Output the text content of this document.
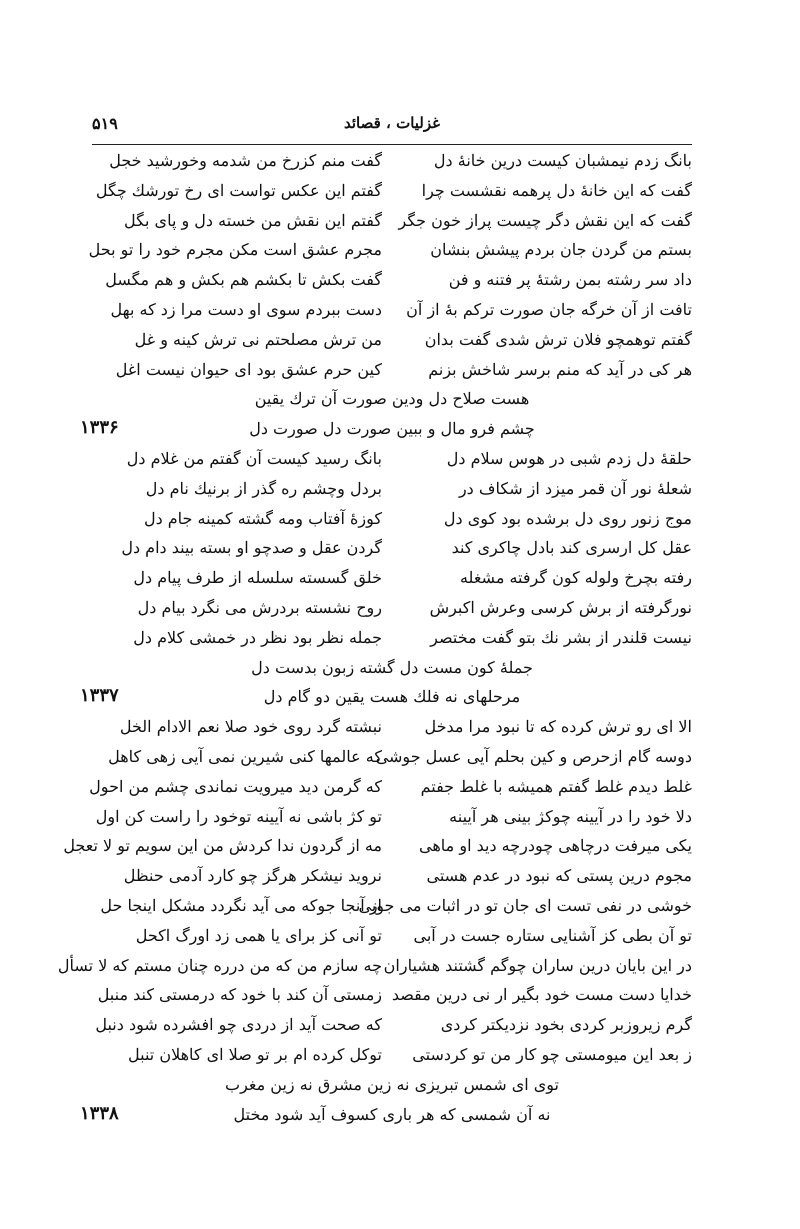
غزلیات ، قصائد
۵۱۹
بانگ زدم نیمشبان کیست درین خانهٔ دل
گفت منم کزرخ من شدمه وخورشید خجل
گفت که این خانهٔ دل پرهمه نقشست چرا
گفتم این عکس تواست ای رخ تورشك چگل
گفت که این نقش دگر چیست پراز خون جگر
گفتم این نقش من خسته دل و پای بگل
بستم من گردن جان بردم پیشش بنشان
مجرم عشق است مکن مجرم خود را تو بحل
داد سر رشته بمن رشتهٔ پر فتنه و فن
گفت بکش تا بکشم هم بکش و هم مگسل
تافت از آن خرگه جان صورت ترکم بهٔ از آن
دست ببردم سوی او دست مرا زد که بهل
گفتم توهمچو فلان ترش شدی گفت بدان
من ترش مصلحتم نی ترش کینه و غل
هر کی در آید که منم برسر شاخش بزنم
کین حرم عشق بود ای حیوان نیست اغل
هست صلاح دل ودین صورت آن ترك یقین
چشم فرو مال و ببین صورت دل صورت دل
۱۳۳۶
حلقهٔ دل زدم شبی در هوس سلام دل
بانگ رسید کیست آن گفتم من غلام دل
شعلهٔ نور آن قمر میزد از شکاف در
بردل وچشم ره گذر از برنیك نام دل
موج زنور روی دل برشده بود کوی دل
کوزهٔ آفتاب ومه گشته کمینه جام دل
عقل کل ارسری کند بادل چاکری کند
گردن عقل و صدچو او بسته بیند دام دل
رفته بچرخ ولوله کون گرفته مشغله
خلق گسسته سلسله از طرف پیام دل
نورگرفته از برش کرسی وعرش اکبرش
روح نشسته بردرش می نگرد بیام دل
نیست قلندر از بشر نك بتو گفت مختصر
جمله نظر بود نظر در خمشی کلام دل
جملهٔ کون مست دل گشته زبون بدست دل
مرحلهای نه فلك هست یقین دو گام دل
۱۳۳۷
الا ای رو ترش کرده که تا نبود مرا مدخل
نبشته گرد روی خود صلا نعم الادام الخل
دوسه گام ازحرص و کین بحلم آیی عسل جوشی
که عالمها کنی شیرین نمی آیی زهی کاهل
غلط دیدم غلط گفتم همیشه با غلط جفتم
که گرمن دید میرویت نماندی چشم من احول
دلا خود را در آیینه چوکژ بینی هر آیینه
تو کژ باشی نه آیینه توخود را راست کن اول
یکی میرفت درچاهی چودرچه دید او ماهی
مه از گردون ندا کردش من این سویم تو لا تعجل
مجوم درین پستی که نبود در عدم هستی
نروید نیشکر هرگز چو کارد آدمی حنظل
خوشی در نفی تست ای جان تو در اثبات می جویی
از آنجا جوکه می آید نگردد مشکل اینجا حل
تو آن بطی کز آشنایی ستاره جست در آبی
تو آنی کز برای یا همی زد اورگ اکحل
در این بایان درین ساران چوگم گشتند هشیاران
چه سازم من که من درره چنان مستم که لا تسأل
خدایا دست مست خود بگیر ار نی درین مقصد
زمستی آن کند با خود که درمستی کند منبل
گرم زیروزبر کردی بخود نزدیکتر کردی
که صحت آید از دردی چو افشرده شود دنبل
ز بعد این میومستی چو کار من تو کردستی
توکل کرده ام بر تو صلا ای کاهلان تنبل
توی ای شمس تبریزی نه زین مشرق نه زین مغرب
نه آن شمسی که هر باری کسوف آید شود مختل
۱۳۳۸
